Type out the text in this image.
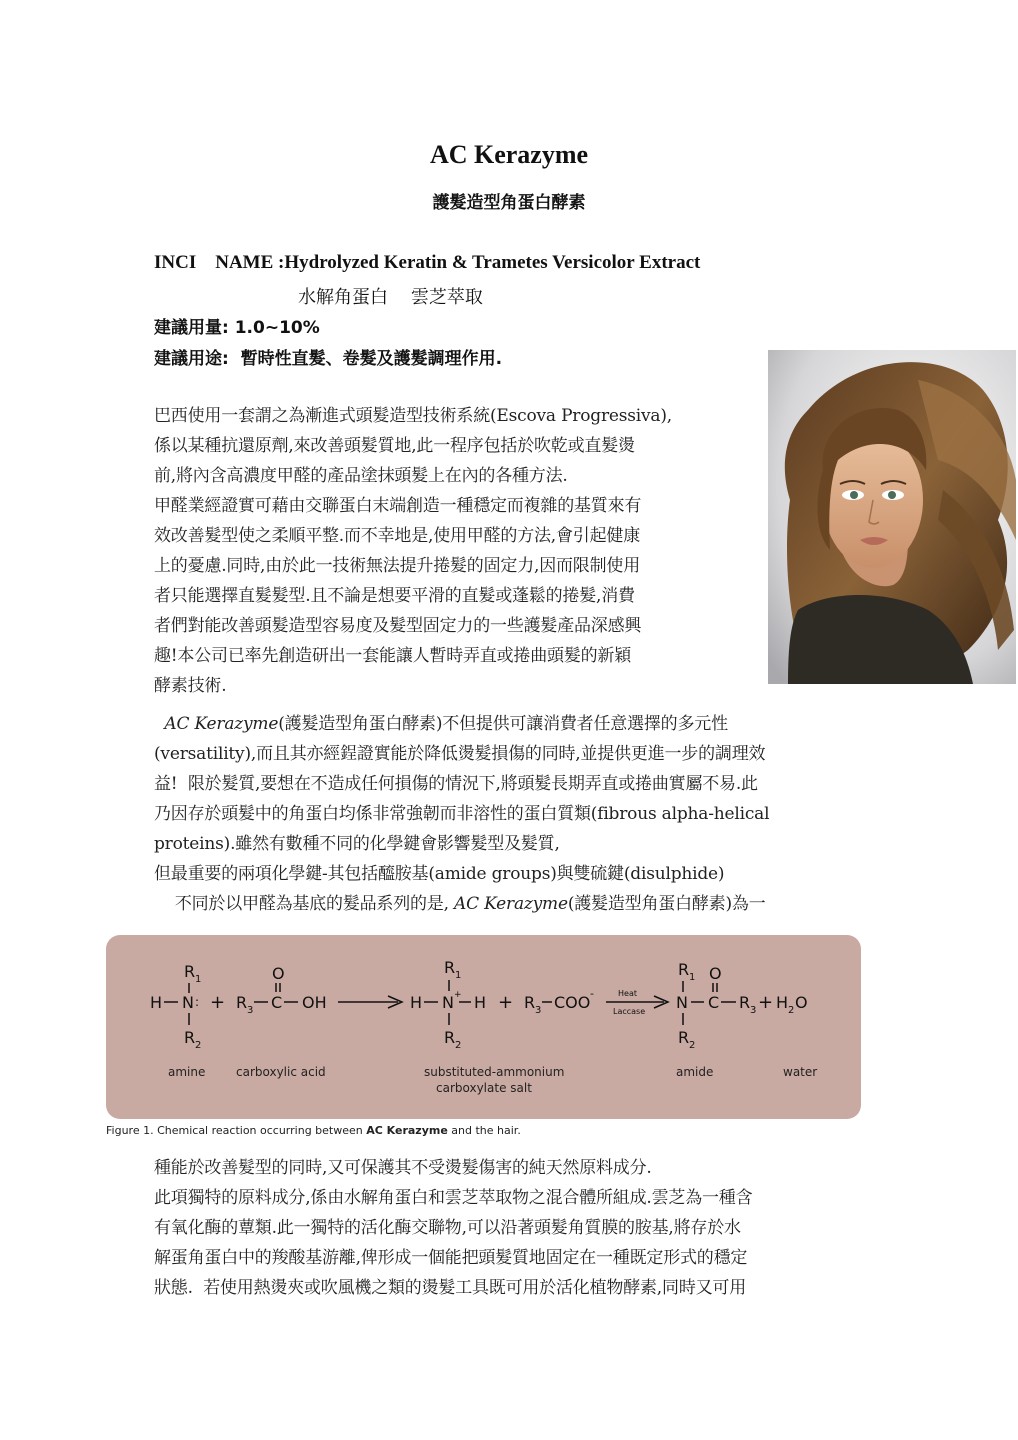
AC Kerazyme
護髮造型角蛋白酵素
INCI    NAME :Hydrolyzed Keratin & Trametes Versicolor Extract
水解角蛋白    雲芝萃取
建議用量: 1.0~10%
建議用途:  暫時性直髮、卷髮及護髮調理作用.
巴西使用一套謂之為漸進式頭髮造型技術系統(Escova Progressiva),
係以某種抗還原劑,來改善頭髮質地,此一程序包括於吹乾或直髮燙
前,將內含高濃度甲醛的產品塗抹頭髮上在內的各種方法.
甲醛業經證實可藉由交聯蛋白末端創造一種穩定而複雜的基質來有
效改善髮型使之柔順平整.而不幸地是,使用甲醛的方法,會引起健康
上的憂慮.同時,由於此一技術無法提升捲髮的固定力,因而限制使用
者只能選擇直髮髮型.且不論是想要平滑的直髮或蓬鬆的捲髮,消費
者們對能改善頭髮造型容易度及髮型固定力的一些護髮產品深感興
趣!本公司已率先創造研出一套能讓人暫時弄直或捲曲頭髮的新穎
酵素技術.
AC Kerazyme(護髮造型角蛋白酵素)不但提供可讓消費者任意選擇的多元性
(versatility),而且其亦經鋥證實能於降低燙髮損傷的同時,並提供更進一步的調理效
益!  限於髮質,要想在不造成任何損傷的情況下,將頭髮長期弄直或捲曲實屬不易.此
乃因存於頭髮中的角蛋白均係非常強韌而非溶性的蛋白質類(fibrous alpha-helical
proteins).雖然有數種不同的化學鍵會影響髮型及髮質,
但最重要的兩項化學鍵-其包括醯胺基(amide groups)與雙硫鍵(disulphide)
不同於以甲醛為基底的髮品系列的是, AC Kerazyme(護髮造型角蛋白酵素)為一
R 1
H N :
R 2
+ R 3 C
O
OH	H
R 1
N + H
R 2
+ R 3 COO -	Heat
Laccase
R 1
N C
O
R 3
R 2
+ H 2 O
amine	carboxylic acid	substituted-ammonium
carboxylate salt
amide	water
Figure 1. Chemical reaction occurring between AC Kerazyme and the hair.
種能於改善髮型的同時,又可保護其不受燙髮傷害的純天然原料成分.
此項獨特的原料成分,係由水解角蛋白和雲芝萃取物之混合體所組成.雲芝為一種含
有氧化酶的蕈類.此一獨特的活化酶交聯物,可以沿著頭髮角質膜的胺基,將存於水
解蛋角蛋白中的羧酸基游離,俾形成一個能把頭髮質地固定在一種既定形式的穩定
狀態.  若使用熱燙夾或吹風機之類的燙髮工具既可用於活化植物酵素,同時又可用
